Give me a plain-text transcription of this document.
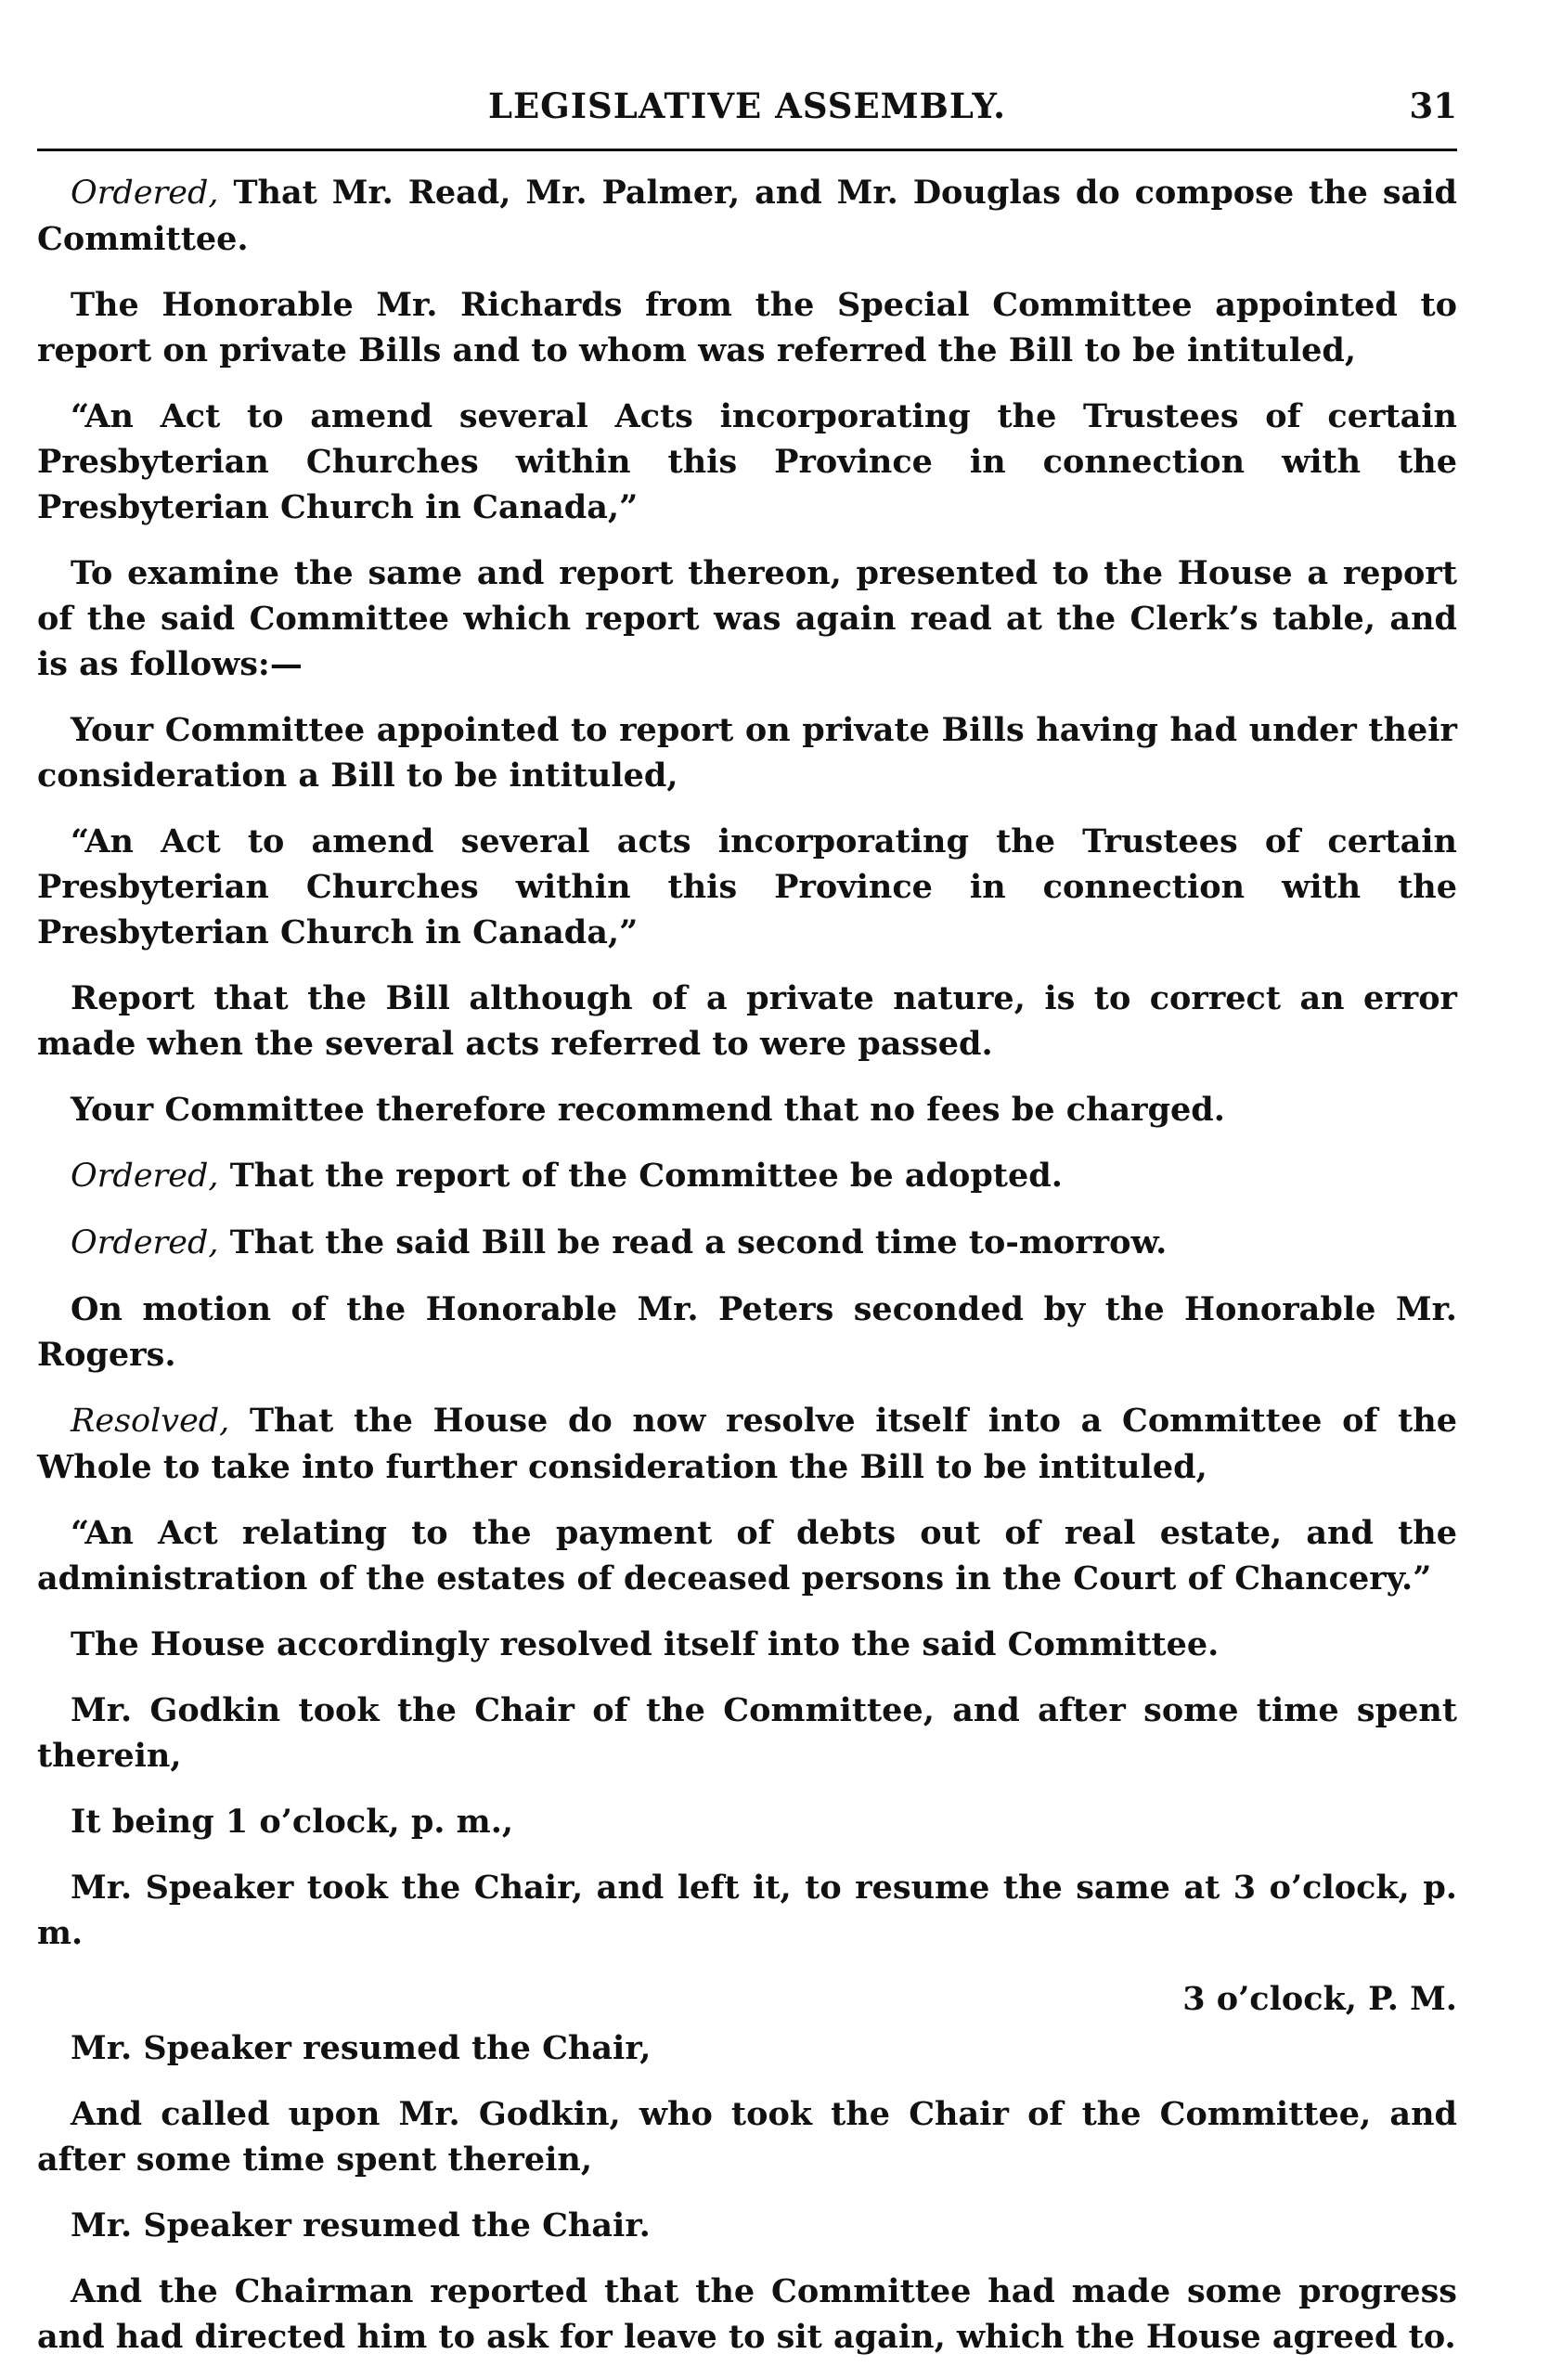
LEGISLATIVE ASSEMBLY.	31

Ordered, That Mr. Read, Mr. Palmer, and Mr. Douglas do compose the said Committee.

The Honorable Mr. Richards from the Special Committee appointed to report on private Bills and to whom was referred the Bill to be intituled,

“An Act to amend several Acts incorporating the Trustees of certain Presbyterian Churches within this Province in connection with the Presbyterian Church in Canada,”

To examine the same and report thereon, presented to the House a report of the said Committee which report was again read at the Clerk’s table, and is as follows:—

Your Committee appointed to report on private Bills having had under their consideration a Bill to be intituled,

“An Act to amend several acts incorporating the Trustees of certain Presbyterian Churches within this Province in connection with the Presbyterian Church in Canada,”

Report that the Bill although of a private nature, is to correct an error made when the several acts referred to were passed.

Your Committee therefore recommend that no fees be charged.

Ordered, That the report of the Committee be adopted.

Ordered, That the said Bill be read a second time to-morrow.

On motion of the Honorable Mr. Peters seconded by the Honorable Mr. Rogers.

Resolved, That the House do now resolve itself into a Committee of the Whole to take into further consideration the Bill to be intituled,

“An Act relating to the payment of debts out of real estate, and the administration of the estates of deceased persons in the Court of Chancery.”

The House accordingly resolved itself into the said Committee.

Mr. Godkin took the Chair of the Committee, and after some time spent therein,

It being 1 o’clock, p. m.,

Mr. Speaker took the Chair, and left it, to resume the same at 3 o’clock, p. m.

3 o’clock, P. M.

Mr. Speaker resumed the Chair,

And called upon Mr. Godkin, who took the Chair of the Committee, and after some time spent therein,

Mr. Speaker resumed the Chair.

And the Chairman reported that the Committee had made some progress and had directed him to ask for leave to sit again, which the House agreed to.
